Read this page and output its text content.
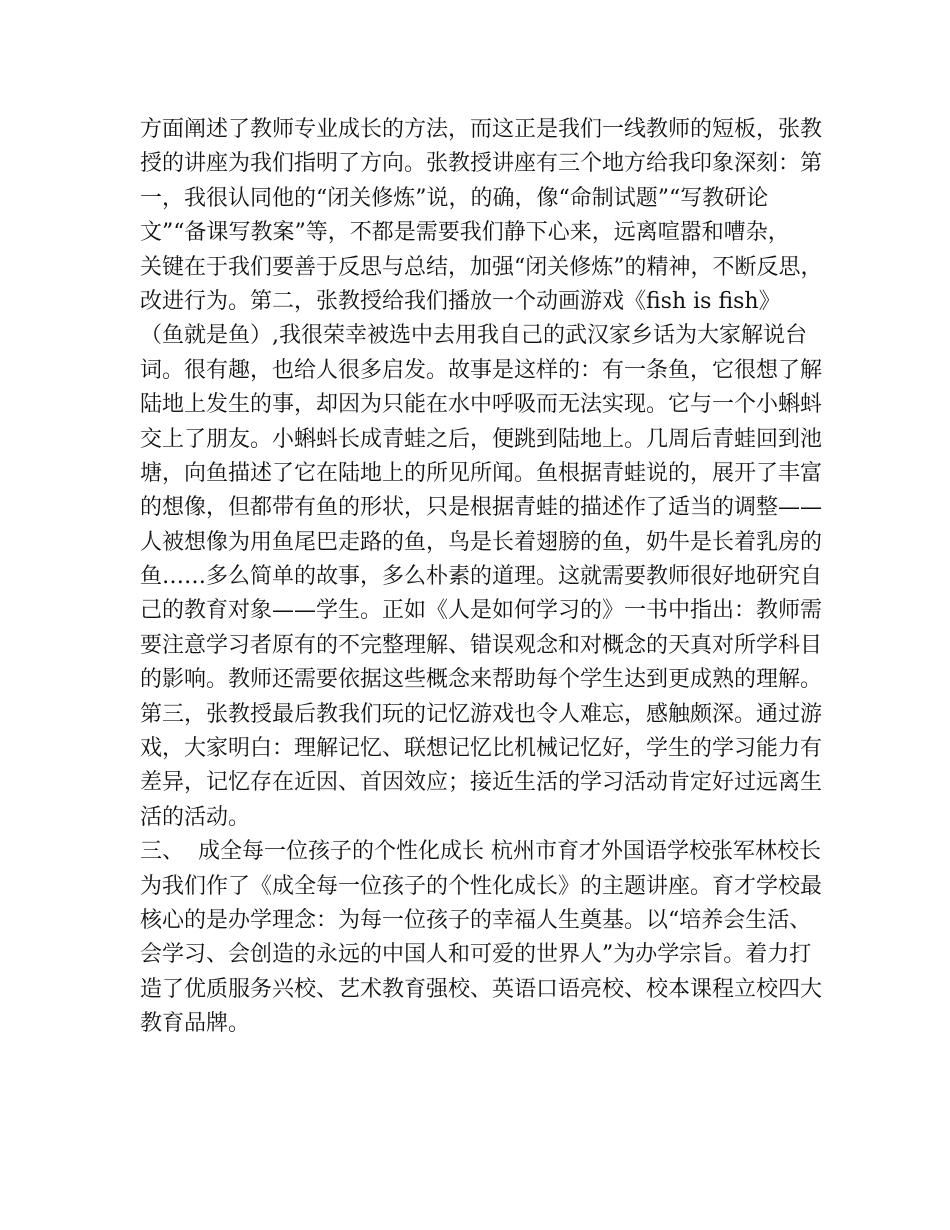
方面阐述了教师专业成长的方法，而这正是我们一线教师的短板，张教
授的讲座为我们指明了方向。张教授讲座有三个地方给我印象深刻：第
一，我很认同他的“闭关修炼”说，的确，像“命制试题”“写教研论
文”“备课写教案”等，不都是需要我们静下心来，远离喧嚣和嘈杂，
关键在于我们要善于反思与总结，加强“闭关修炼”的精神，不断反思，
改进行为。第二，张教授给我们播放一个动画游戏《fish is fish》
（鱼就是鱼）,我很荣幸被选中去用我自己的武汉家乡话为大家解说台
词。很有趣，也给人很多启发。故事是这样的：有一条鱼，它很想了解
陆地上发生的事，却因为只能在水中呼吸而无法实现。它与一个小蝌蚪
交上了朋友。小蝌蚪长成青蛙之后，便跳到陆地上。几周后青蛙回到池
塘，向鱼描述了它在陆地上的所见所闻。鱼根据青蛙说的，展开了丰富
的想像，但都带有鱼的形状，只是根据青蛙的描述作了适当的调整——
人被想像为用鱼尾巴走路的鱼，鸟是长着翅膀的鱼，奶牛是长着乳房的
鱼……多么简单的故事，多么朴素的道理。这就需要教师很好地研究自
己的教育对象——学生。正如《人是如何学习的》一书中指出：教师需
要注意学习者原有的不完整理解、错误观念和对概念的天真对所学科目
的影响。教师还需要依据这些概念来帮助每个学生达到更成熟的理解。
第三，张教授最后教我们玩的记忆游戏也令人难忘，感触颇深。通过游
戏，大家明白：理解记忆、联想记忆比机械记忆好，学生的学习能力有
差异，记忆存在近因、首因效应；接近生活的学习活动肯定好过远离生
活的活动。
三、  成全每一位孩子的个性化成长 杭州市育才外国语学校张军林校长
为我们作了《成全每一位孩子的个性化成长》的主题讲座。育才学校最
核心的是办学理念：为每一位孩子的幸福人生奠基。以“培养会生活、
会学习、会创造的永远的中国人和可爱的世界人”为办学宗旨。着力打
造了优质服务兴校、艺术教育强校、英语口语亮校、校本课程立校四大
教育品牌。
